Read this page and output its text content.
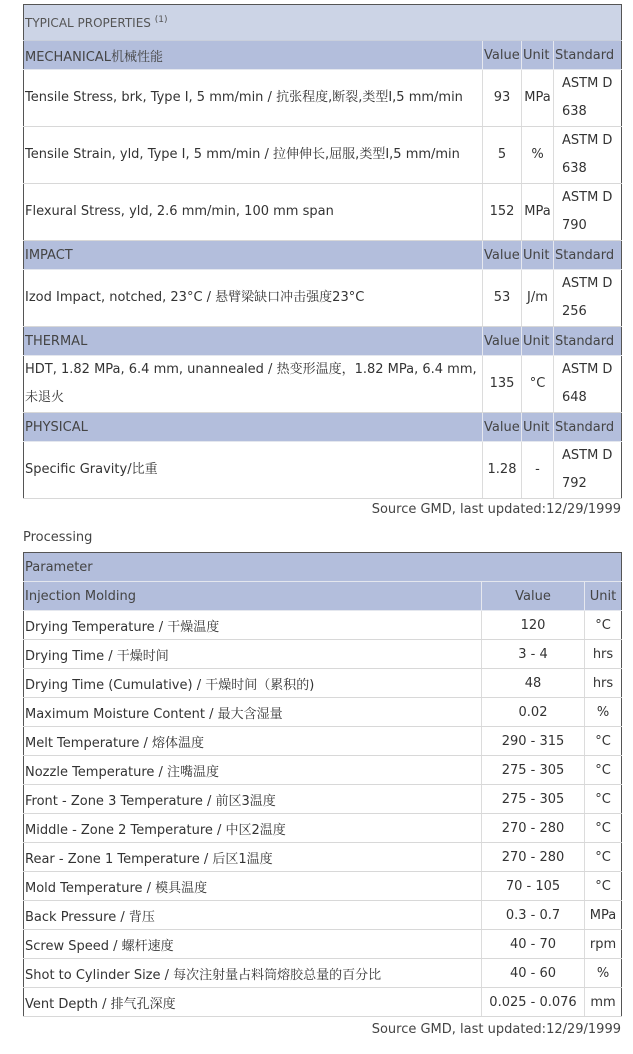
TYPICAL PROPERTIES $^{(1)}$
MECHANICAL机械性能	Value	Unit	Standard
Tensile Stress, brk, Type I, 5 mm/min / 抗张程度,断裂,类型I,5 mm/min	93	MPa	ASTM D 638
Tensile Strain, yld, Type I, 5 mm/min / 拉伸伸长,屈服,类型I,5 mm/min	5	%	ASTM D 638
Flexural Stress, yld, 2.6 mm/min, 100 mm span	152	MPa	ASTM D 790
IMPACT	Value	Unit	Standard
Izod Impact, notched, 23°C / 悬臂梁缺口冲击强度23°C	53	J/m	ASTM D 256
THERMAL	Value	Unit	Standard
HDT, 1.82 MPa, 6.4 mm, unannealed / 热变形温度，1.82 MPa, 6.4 mm, 未退火	135	°C	ASTM D 648
PHYSICAL	Value	Unit	Standard
Specific Gravity/比重	1.28	-	ASTM D 792
Source GMD, last updated:12/29/1999
Processing
Parameter		
Injection Molding	Value	Unit
Drying Temperature / 干燥温度	120	°C
Drying Time / 干燥时间	3 - 4	hrs
Drying Time (Cumulative) / 干燥时间（累积的)	48	hrs
Maximum Moisture Content / 最大含湿量	0.02	%
Melt Temperature / 熔体温度	290 - 315	°C
Nozzle Temperature / 注嘴温度	275 - 305	°C
Front - Zone 3 Temperature / 前区3温度	275 - 305	°C
Middle - Zone 2 Temperature / 中区2温度	270 - 280	°C
Rear - Zone 1 Temperature / 后区1温度	270 - 280	°C
Mold Temperature / 模具温度	70 - 105	°C
Back Pressure / 背压	0.3 - 0.7	MPa
Screw Speed / 螺杆速度	40 - 70	rpm
Shot to Cylinder Size / 每次注射量占料筒熔胶总量的百分比	40 - 60	%
Vent Depth / 排气孔深度	0.025 - 0.076	mm
Source GMD, last updated:12/29/1999
